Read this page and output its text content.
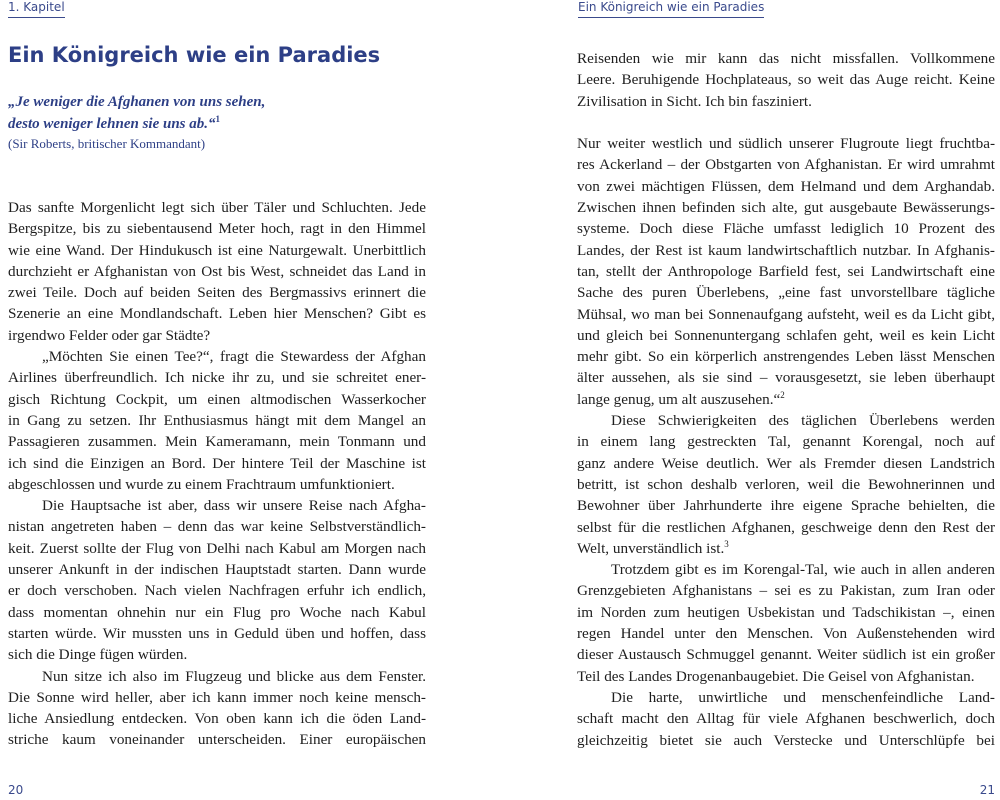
1. Kapitel
Ein Königreich wie ein Paradies
„Je weniger die Afghanen von uns sehen,
desto weniger lehnen sie uns ab.“$^1$
(Sir Roberts, britischer Kommandant)
Das sanfte Morgenlicht legt sich über Täler und Schluchten. Jede
Bergspitze, bis zu siebentausend Meter hoch, ragt in den Himmel
wie eine Wand. Der Hindukusch ist eine Naturgewalt. Unerbittlich
durchzieht er Afghanistan von Ost bis West, schneidet das Land in
zwei Teile. Doch auf beiden Seiten des Bergmassivs erinnert die
Szenerie an eine Mondlandschaft. Leben hier Menschen? Gibt es
irgendwo Felder oder gar Städte?
„Möchten Sie einen Tee?“, fragt die Stewardess der Afghan
Airlines überfreundlich. Ich nicke ihr zu, und sie schreitet ener-
gisch Richtung Cockpit, um einen altmodischen Wasserkocher
in Gang zu setzen. Ihr Enthusiasmus hängt mit dem Mangel an
Passagieren zusammen. Mein Kameramann, mein Tonmann und
ich sind die Einzigen an Bord. Der hintere Teil der Maschine ist
abgeschlossen und wurde zu einem Frachtraum umfunktioniert.
Die Hauptsache ist aber, dass wir unsere Reise nach Afgha-
nistan angetreten haben – denn das war keine Selbstverständlich-
keit. Zuerst sollte der Flug von Delhi nach Kabul am Morgen nach
unserer Ankunft in der indischen Hauptstadt starten. Dann wurde
er doch verschoben. Nach vielen Nachfragen erfuhr ich endlich,
dass momentan ohnehin nur ein Flug pro Woche nach Kabul
starten würde. Wir mussten uns in Geduld üben und hoffen, dass
sich die Dinge fügen würden.
Nun sitze ich also im Flugzeug und blicke aus dem Fenster.
Die Sonne wird heller, aber ich kann immer noch keine mensch-
liche Ansiedlung entdecken. Von oben kann ich die öden Land-
striche kaum voneinander unterscheiden. Einer europäischen
20
Ein Königreich wie ein Paradies
Reisenden wie mir kann das nicht missfallen. Vollkommene
Leere. Beruhigende Hochplateaus, so weit das Auge reicht. Keine
Zivilisation in Sicht. Ich bin fasziniert.
Nur weiter westlich und südlich unserer Flugroute liegt fruchtba-
res Ackerland – der Obstgarten von Afghanistan. Er wird umrahmt
von zwei mächtigen Flüssen, dem Helmand und dem Arghandab.
Zwischen ihnen befinden sich alte, gut ausgebaute Bewässerungs-
systeme. Doch diese Fläche umfasst lediglich 10 Prozent des
Landes, der Rest ist kaum landwirtschaftlich nutzbar. In Afghanis-
tan, stellt der Anthropologe Barfield fest, sei Landwirtschaft eine
Sache des puren Überlebens, „eine fast unvorstellbare tägliche
Mühsal, wo man bei Sonnenaufgang aufsteht, weil es da Licht gibt,
und gleich bei Sonnenuntergang schlafen geht, weil es kein Licht
mehr gibt. So ein körperlich anstrengendes Leben lässt Menschen
älter aussehen, als sie sind – vorausgesetzt, sie leben überhaupt
lange genug, um alt auszusehen.“$^2$
Diese Schwierigkeiten des täglichen Überlebens werden
in einem lang gestreckten Tal, genannt Korengal, noch auf
ganz andere Weise deutlich. Wer als Fremder diesen Landstrich
betritt, ist schon deshalb verloren, weil die Bewohnerinnen und
Bewohner über Jahrhunderte ihre eigene Sprache behielten, die
selbst für die restlichen Afghanen, geschweige denn den Rest der
Welt, unverständlich ist.$^3$
Trotzdem gibt es im Korengal-Tal, wie auch in allen anderen
Grenzgebieten Afghanistans – sei es zu Pakistan, zum Iran oder
im Norden zum heutigen Usbekistan und Tadschikistan –, einen
regen Handel unter den Menschen. Von Außenstehenden wird
dieser Austausch Schmuggel genannt. Weiter südlich ist ein großer
Teil des Landes Drogenanbaugebiet. Die Geisel von Afghanistan.
Die harte, unwirtliche und menschenfeindliche Land-
schaft macht den Alltag für viele Afghanen beschwerlich, doch
gleichzeitig bietet sie auch Verstecke und Unterschlüpfe bei
21
